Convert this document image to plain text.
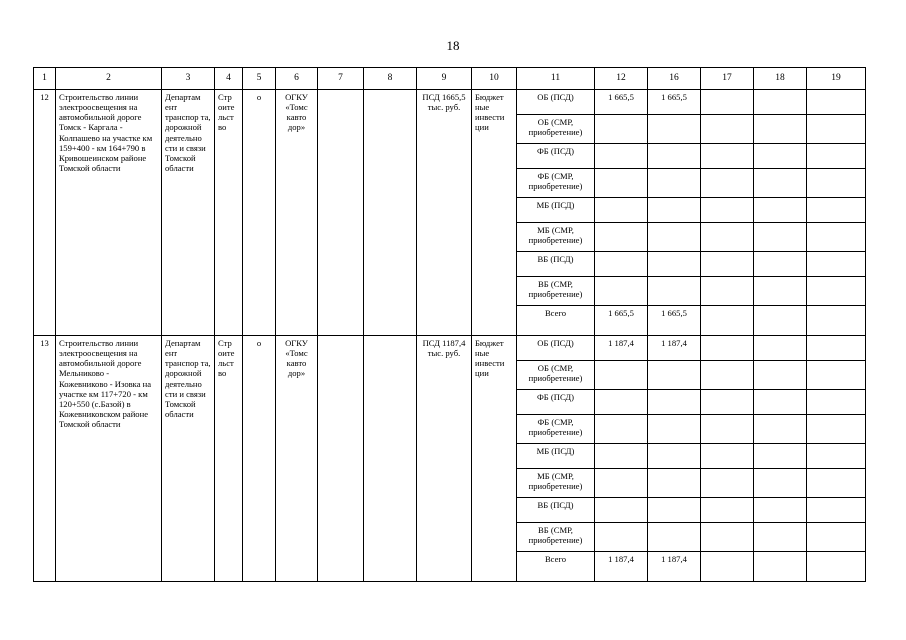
18
1	2	3	4	5	6	7	8	9	10	11	12	16	17	18	19
12	Строительство линии электроосвещения на автомобильной дороге Томск - Каргала - Колпашево на участке км 159+400 - км 164+790 в Кривошеинском районе Томской области	Департам ент транспор та, дорожной деятельно сти и связи Томской области	Стр оите льст во	о	ОГКУ «Томс кавто дор»			ПСД 1665,5 тыс. руб.	Бюджет ные инвести ции	ОБ (ПСД)	1 665,5	1 665,5			
										ОБ (СМР, приобретение)					
										ФБ (ПСД)					
										ФБ (СМР, приобретение)					
										МБ (ПСД)					
										МБ (СМР, приобретение)					
										ВБ (ПСД)					
										ВБ (СМР, приобретение)					
										Всего	1 665,5	1 665,5			
13	Строительство линии электроосвещения на автомобильной дороге Мельниково - Кожевниково - Изовка на участке км 117+720 - км 120+550 (с.Базой) в Кожевниковском районе Томской области	Департам ент транспор та, дорожной деятельно сти и связи Томской области	Стр оите льст во	о	ОГКУ «Томс кавто дор»			ПСД 1187,4 тыс. руб.	Бюджет ные инвести ции	ОБ (ПСД)	1 187,4	1 187,4			
										ОБ (СМР, приобретение)					
										ФБ (ПСД)					
										ФБ (СМР, приобретение)					
										МБ (ПСД)					
										МБ (СМР, приобретение)					
										ВБ (ПСД)					
										ВБ (СМР, приобретение)					
										Всего	1 187,4	1 187,4			
